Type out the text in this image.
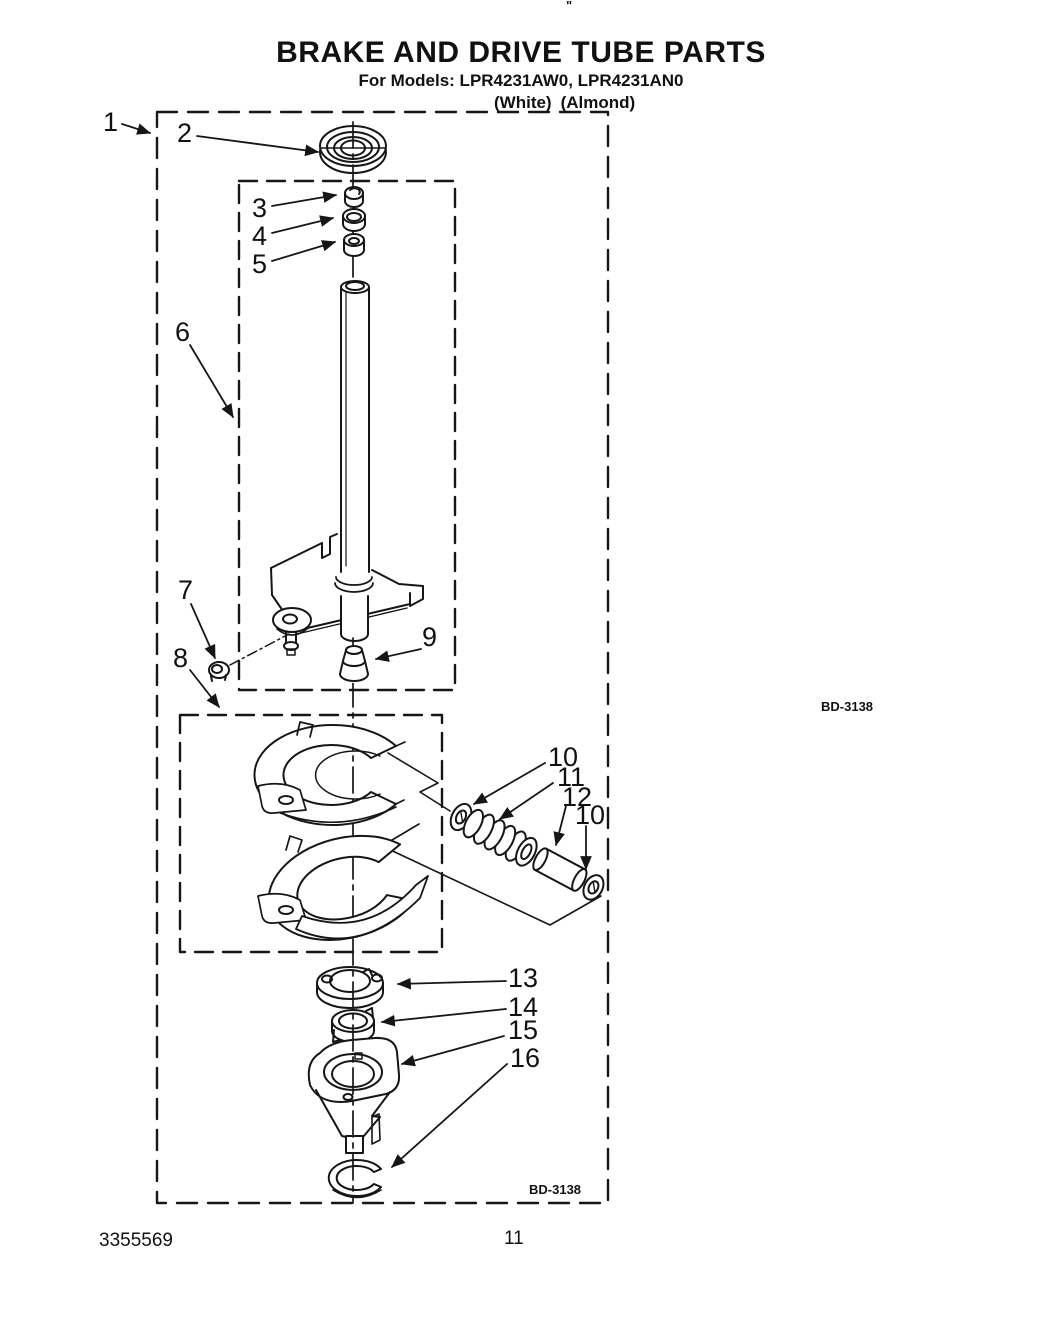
"
BRAKE AND DRIVE TUBE PARTS
For Models: LPR4231AW0, LPR4231AN0
(White) (Almond)
1 2
3
4
5
6
7
8
9
10
11
12
10
13
14
15
16
BD-3138
BD-3138
3355569	11
